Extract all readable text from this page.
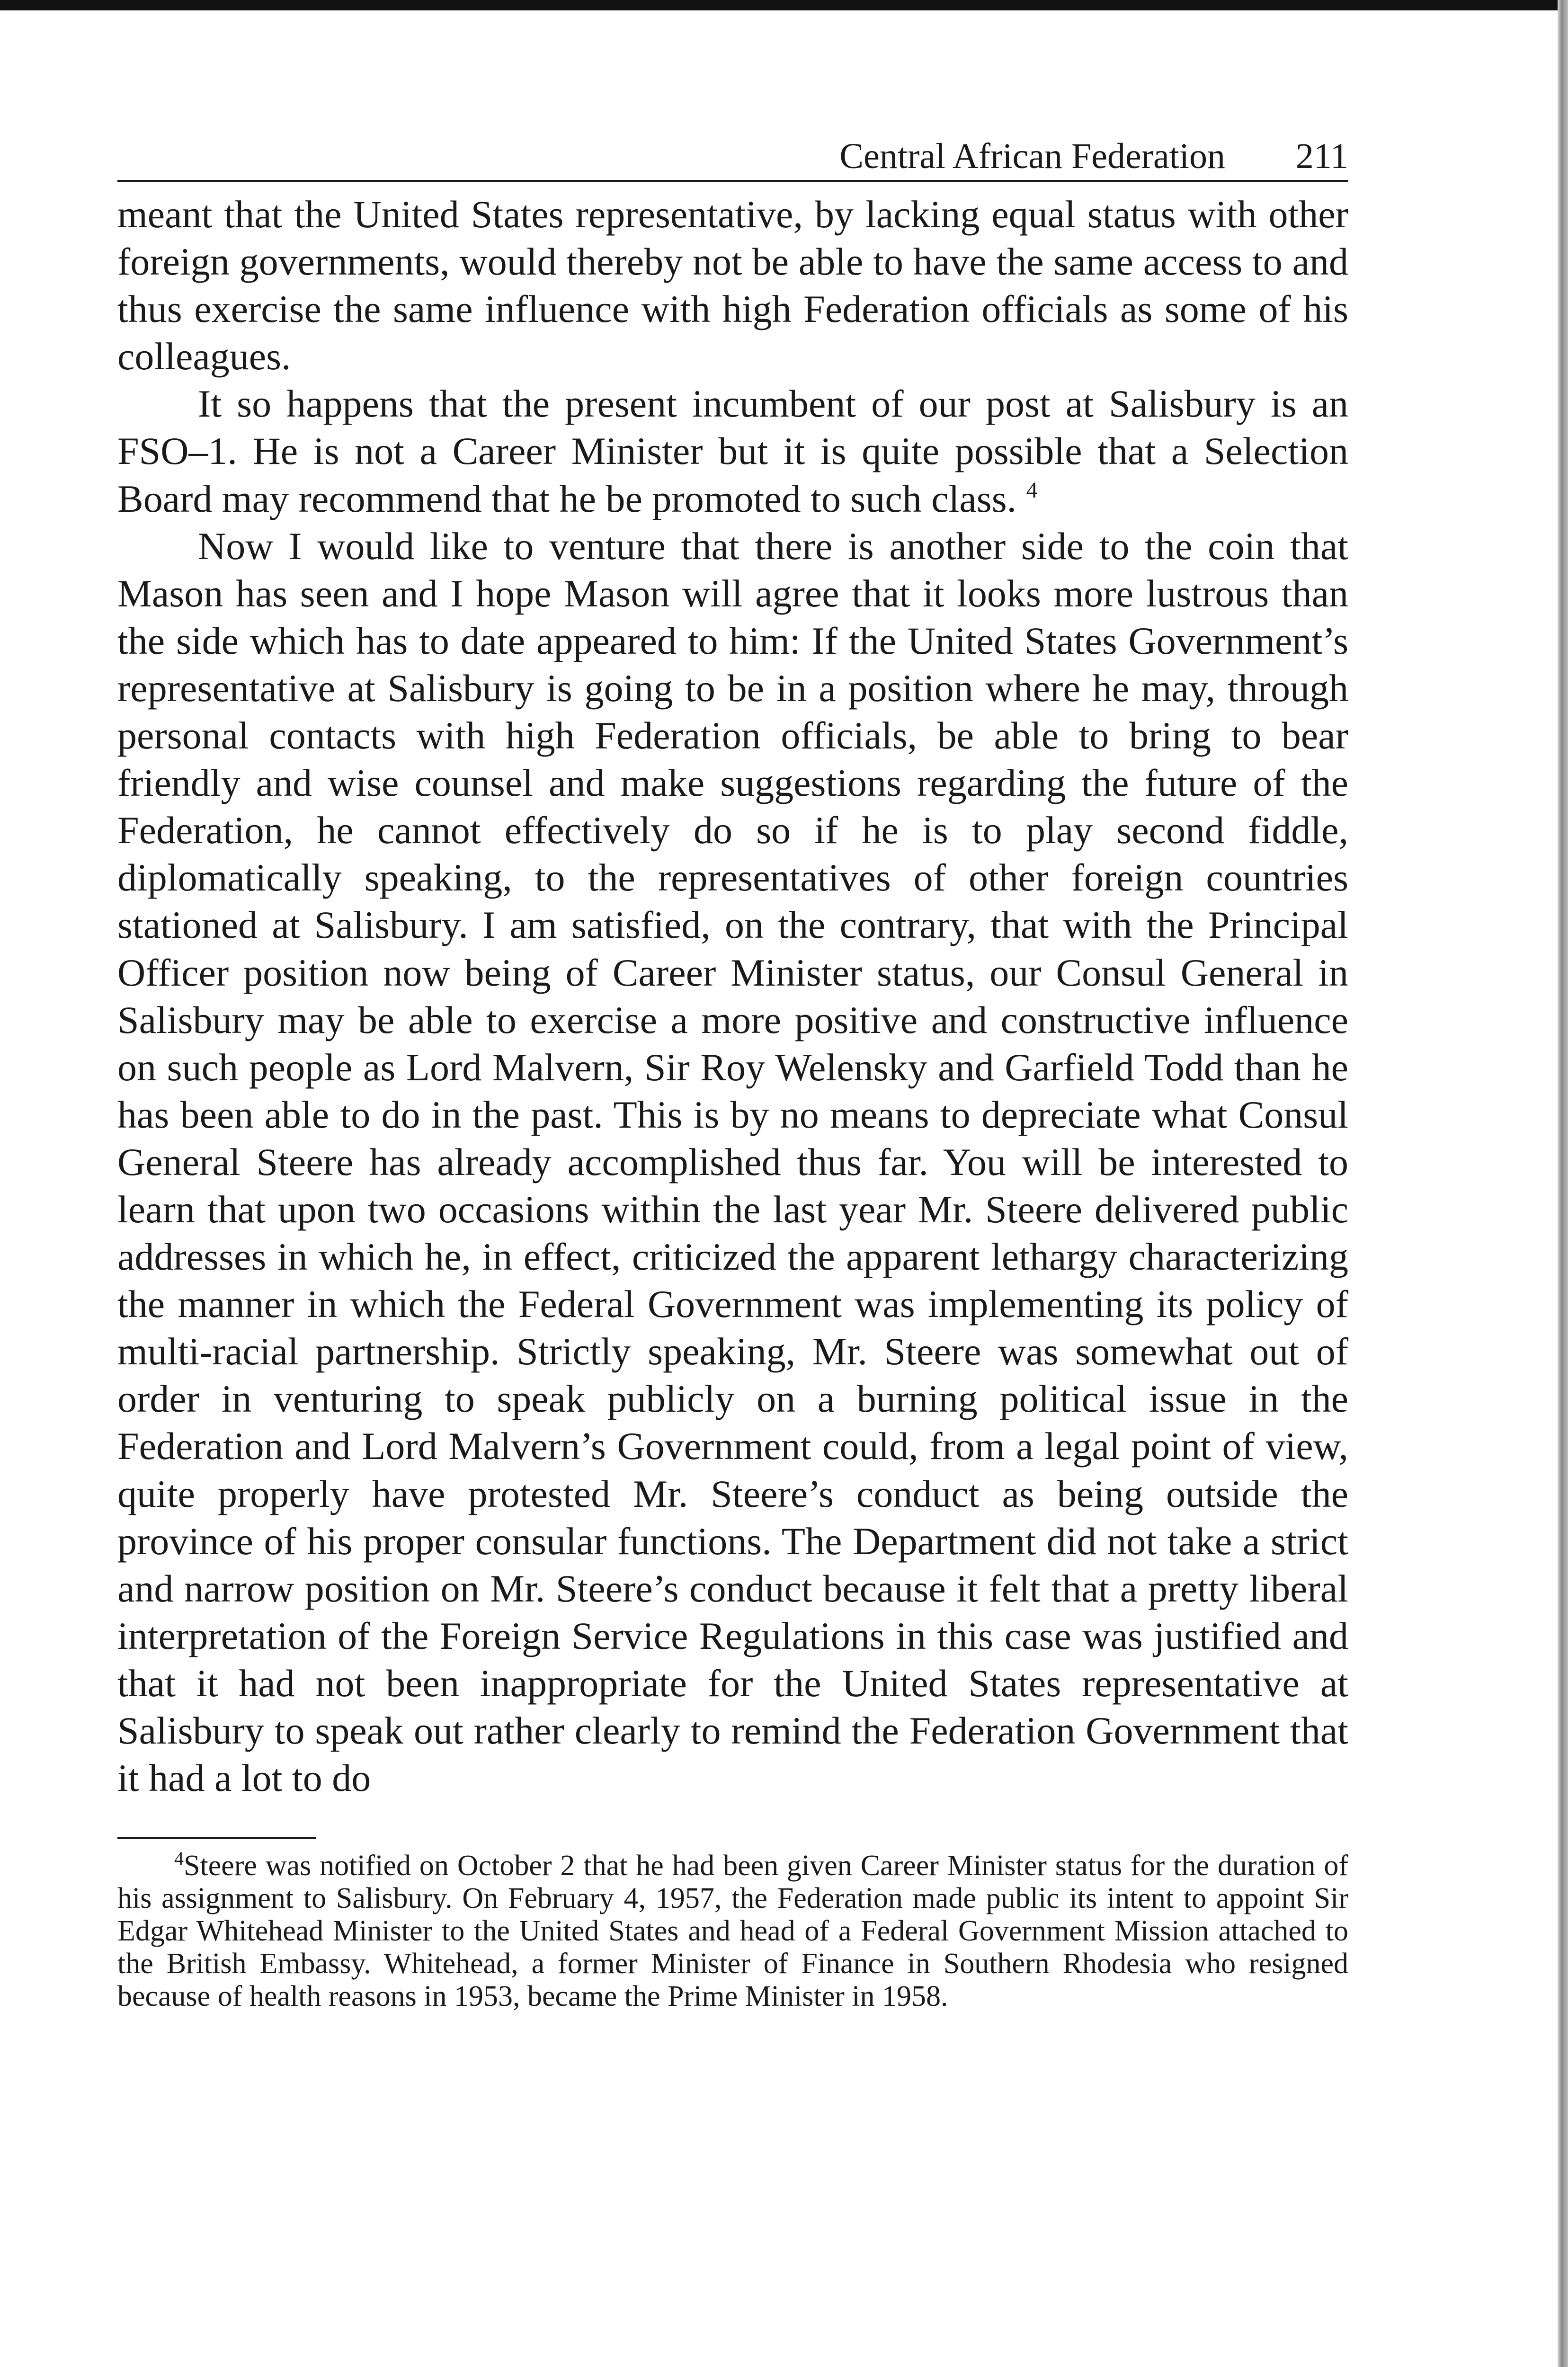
Central African Federation 211

meant that the United States representative, by lacking equal status with other foreign governments, would thereby not be able to have the same access to and thus exercise the same influence with high Federation officials as some of his colleagues.

It so happens that the present incumbent of our post at Salisbury is an FSO–1. He is not a Career Minister but it is quite possible that a Selection Board may recommend that he be promoted to such class. $^4$

Now I would like to venture that there is another side to the coin that Mason has seen and I hope Mason will agree that it looks more lustrous than the side which has to date appeared to him: If the United States Government’s representative at Salisbury is going to be in a position where he may, through personal contacts with high Federation officials, be able to bring to bear friendly and wise counsel and make suggestions regarding the future of the Federation, he cannot effectively do so if he is to play second fiddle, diplomatically speaking, to the representatives of other foreign countries stationed at Salisbury. I am satisfied, on the contrary, that with the Principal Officer position now being of Career Minister status, our Consul General in Salisbury may be able to exercise a more positive and constructive influence on such people as Lord Malvern, Sir Roy Welensky and Garfield Todd than he has been able to do in the past. This is by no means to depreciate what Consul General Steere has already accomplished thus far. You will be interested to learn that upon two occasions within the last year Mr. Steere delivered public addresses in which he, in effect, criticized the apparent lethargy characterizing the manner in which the Federal Government was implementing its policy of multi-racial partnership. Strictly speaking, Mr. Steere was somewhat out of order in venturing to speak publicly on a burning political issue in the Federation and Lord Malvern’s Government could, from a legal point of view, quite properly have protested Mr. Steere’s conduct as being outside the province of his proper consular functions. The Department did not take a strict and narrow position on Mr. Steere’s conduct because it felt that a pretty liberal interpretation of the Foreign Service Regulations in this case was justified and that it had not been inappropriate for the United States representative at Salisbury to speak out rather clearly to remind the Federation Government that it had a lot to do

$^4$Steere was notified on October 2 that he had been given Career Minister status for the duration of his assignment to Salisbury. On February 4, 1957, the Federation made public its intent to appoint Sir Edgar Whitehead Minister to the United States and head of a Federal Government Mission attached to the British Embassy. Whitehead, a former Minister of Finance in Southern Rhodesia who resigned because of health reasons in 1953, became the Prime Minister in 1958.
